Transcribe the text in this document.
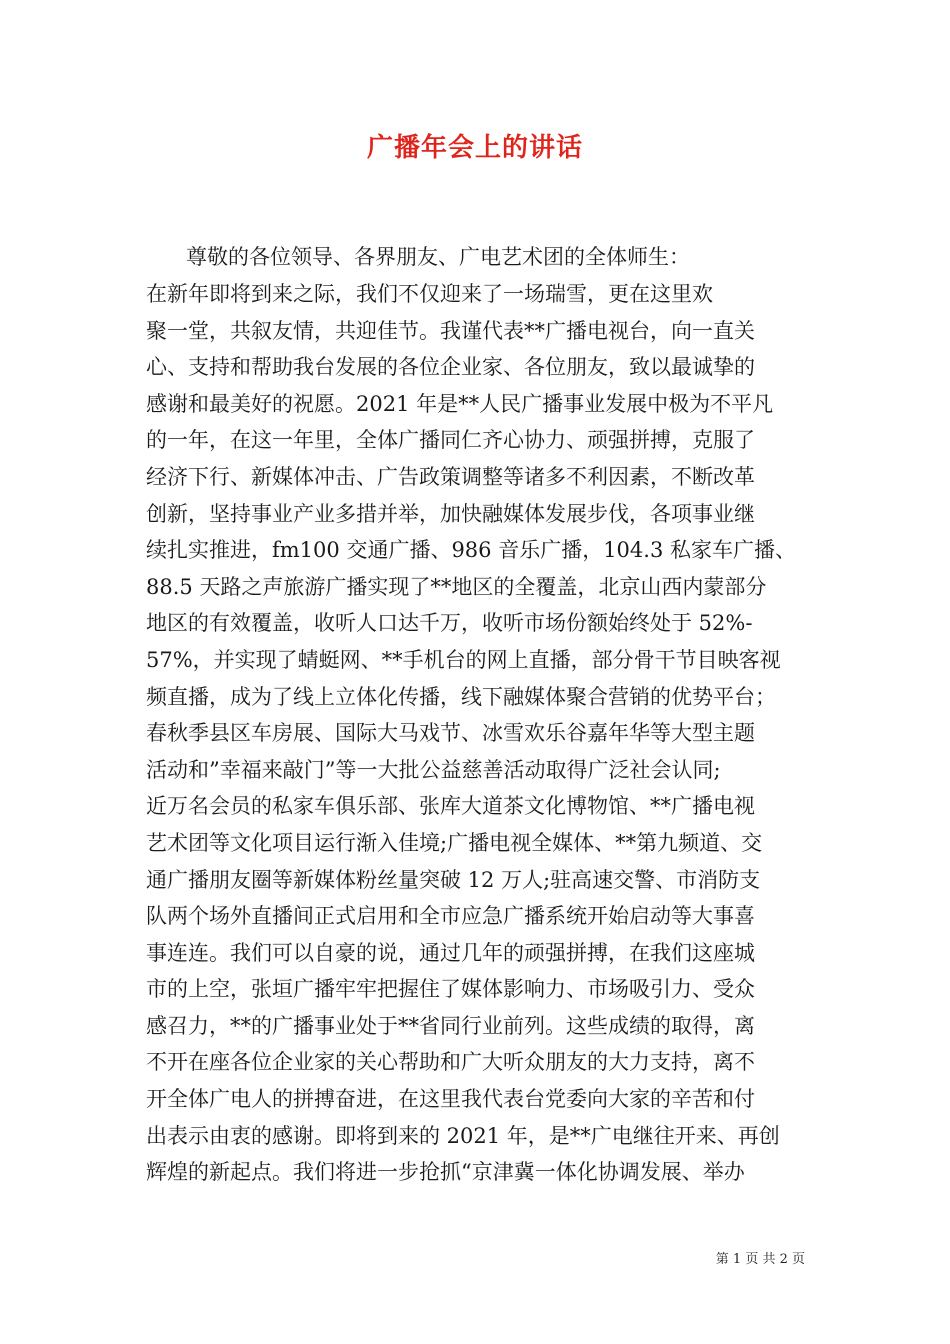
广播年会上的讲话
尊敬的各位领导、各界朋友、广电艺术团的全体师生：
在新年即将到来之际，我们不仅迎来了一场瑞雪，更在这里欢
聚一堂，共叙友情，共迎佳节。我谨代表**广播电视台，向一直关
心、支持和帮助我台发展的各位企业家、各位朋友，致以最诚挚的
感谢和最美好的祝愿。2021 年是**人民广播事业发展中极为不平凡
的一年，在这一年里，全体广播同仁齐心协力、顽强拼搏，克服了
经济下行、新媒体冲击、广告政策调整等诸多不利因素，不断改革
创新，坚持事业产业多措并举，加快融媒体发展步伐，各项事业继
续扎实推进，fm100 交通广播、986 音乐广播，104.3 私家车广播、
88.5 天路之声旅游广播实现了**地区的全覆盖，北京山西内蒙部分
地区的有效覆盖，收听人口达千万，收听市场份额始终处于 52%-
57%，并实现了蜻蜓网、**手机台的网上直播，部分骨干节目映客视
频直播，成为了线上立体化传播，线下融媒体聚合营销的优势平台；
春秋季县区车房展、国际大马戏节、冰雪欢乐谷嘉年华等大型主题
活动和”幸福来敲门”等一大批公益慈善活动取得广泛社会认同;
近万名会员的私家车俱乐部、张库大道茶文化博物馆、**广播电视
艺术团等文化项目运行渐入佳境;广播电视全媒体、**第九频道、交
通广播朋友圈等新媒体粉丝量突破 12 万人;驻高速交警、市消防支
队两个场外直播间正式启用和全市应急广播系统开始启动等大事喜
事连连。我们可以自豪的说，通过几年的顽强拼搏，在我们这座城
市的上空，张垣广播牢牢把握住了媒体影响力、市场吸引力、受众
感召力，**的广播事业处于**省同行业前列。这些成绩的取得，离
不开在座各位企业家的关心帮助和广大听众朋友的大力支持，离不
开全体广电人的拼搏奋进，在这里我代表台党委向大家的辛苦和付
出表示由衷的感谢。即将到来的 2021 年，是**广电继往开来、再创
辉煌的新起点。我们将进一步抢抓“京津冀一体化协调发展、举办
第 1 页 共 2 页
